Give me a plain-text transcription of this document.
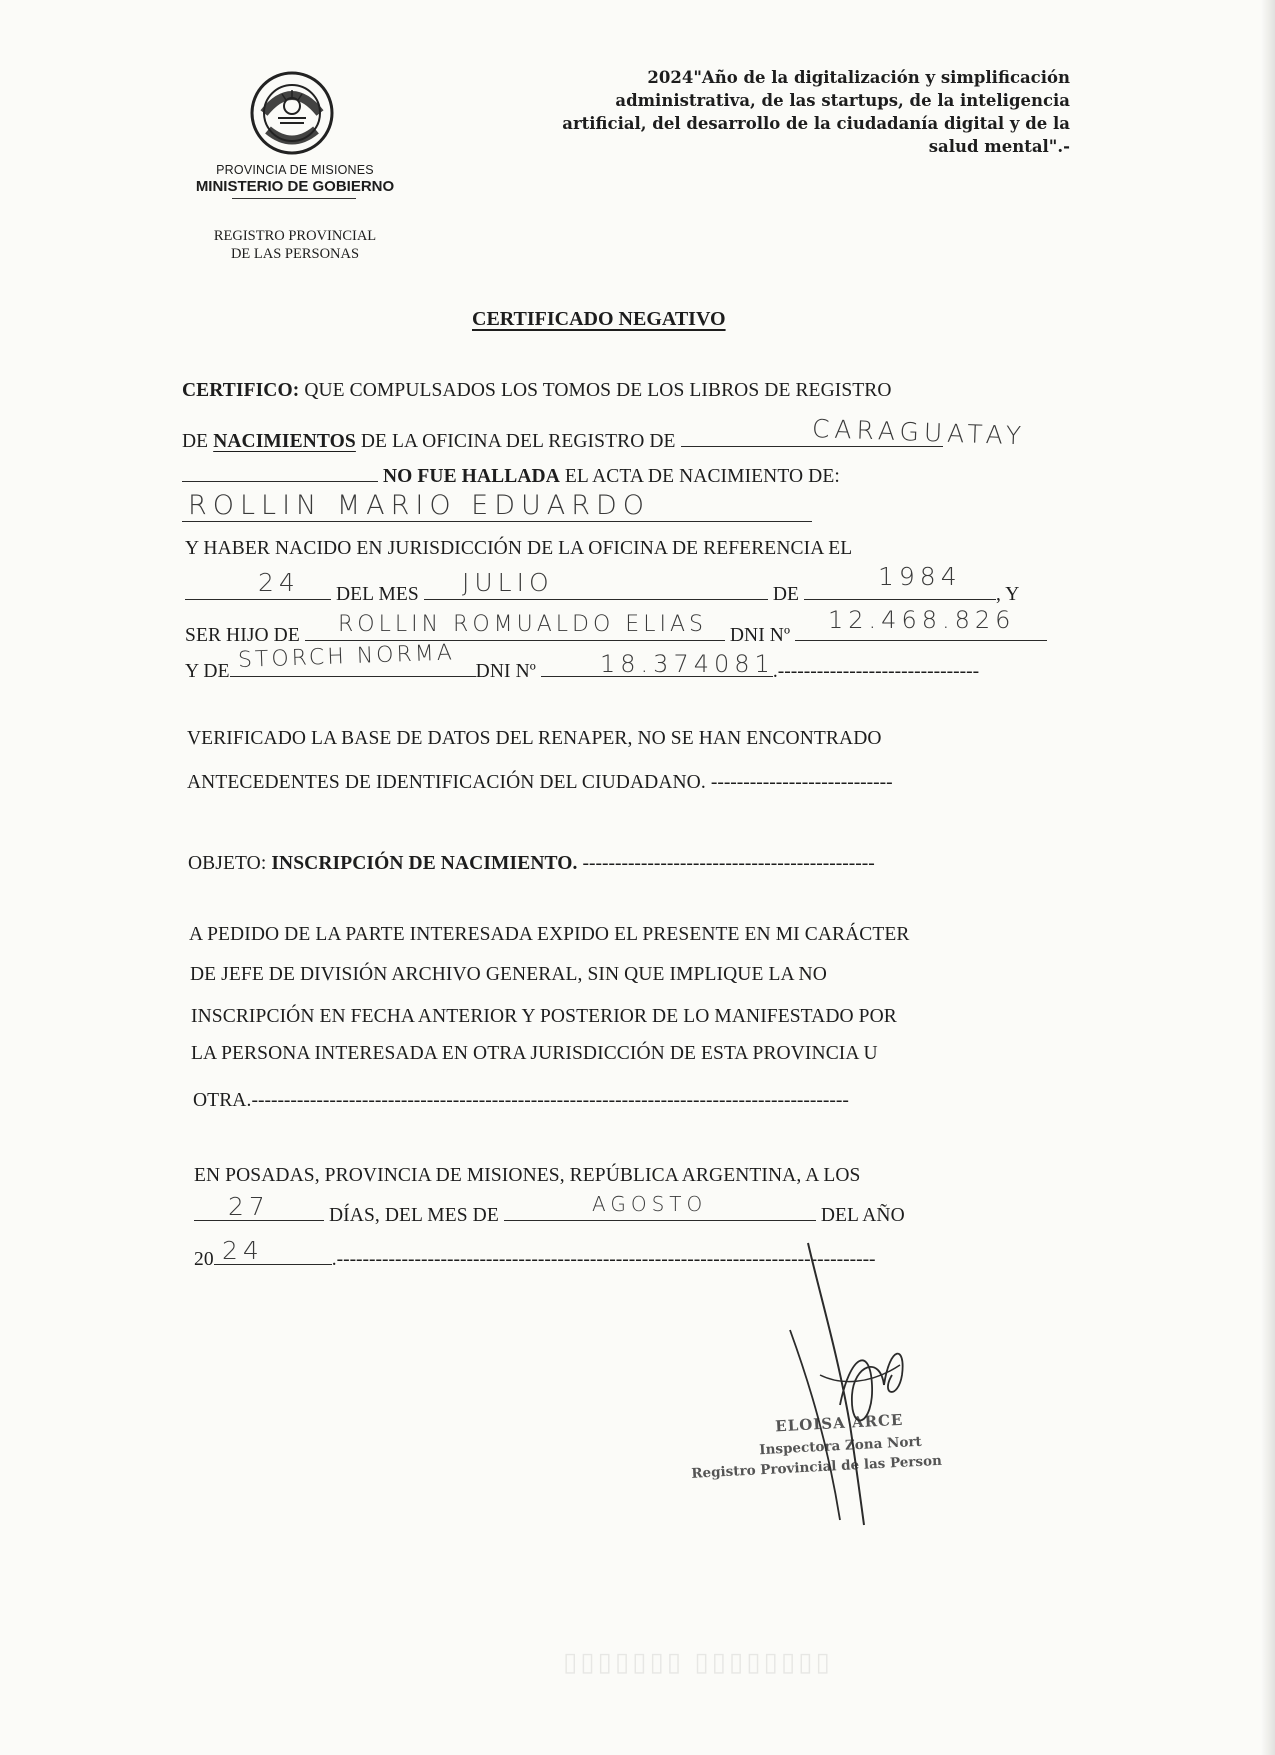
PROVINCIA DE MISIONES
MINISTERIO DE GOBIERNO
REGISTRO PROVINCIAL
DE LAS PERSONAS
2024"Año de la digitalización y simplificación administrativa, de las startups, de la inteligencia artificial, del desarrollo de la ciudadanía digital y de la salud mental".-
CERTIFICADO NEGATIVO
CERTIFICO: QUE COMPULSADOS LOS TOMOS DE LOS LIBROS DE REGISTRO
DE NACIMIENTOS DE LA OFICINA DEL REGISTRO DE
NO FUE HALLADA EL ACTA DE NACIMIENTO DE:
Y HABER NACIDO EN JURISDICCIÓN DE LA OFICINA DE REFERENCIA EL
DEL MES	DE	, Y
SER HIJO DE	DNI Nº
Y DE	DNI Nº	.-------------------------------
VERIFICADO LA BASE DE DATOS DEL RENAPER, NO SE HAN ENCONTRADO
ANTECEDENTES DE IDENTIFICACIÓN DEL CIUDADANO. ----------------------------
OBJETO: INSCRIPCIÓN DE NACIMIENTO. ---------------------------------------------
A PEDIDO DE LA PARTE INTERESADA EXPIDO EL PRESENTE EN MI CARÁCTER
DE JEFE DE DIVISIÓN ARCHIVO GENERAL, SIN QUE IMPLIQUE LA NO
INSCRIPCIÓN EN FECHA ANTERIOR Y POSTERIOR DE LO MANIFESTADO POR
LA PERSONA INTERESADA EN OTRA JURISDICCIÓN DE ESTA PROVINCIA U
OTRA.--------------------------------------------------------------------------------------------
EN POSADAS, PROVINCIA DE MISIONES, REPÚBLICA ARGENTINA, A LOS
DÍAS, DEL MES DE	DEL AÑO
20	.-----------------------------------------------------------------------------------
CARAGUATAY
ROLLIN MARIO EDUARDO
24	JULIO	1984
ROLLIN ROMUALDO ELIAS	12.468.826
STORCH NORMA	18.374081
27	AGOSTO
24
▯▯▯▯▯▯▯▯ ▯▯▯▯▯▯▯
ELOISA ARCE
Inspectora Zona Nort
Registro Provincial de las Person
